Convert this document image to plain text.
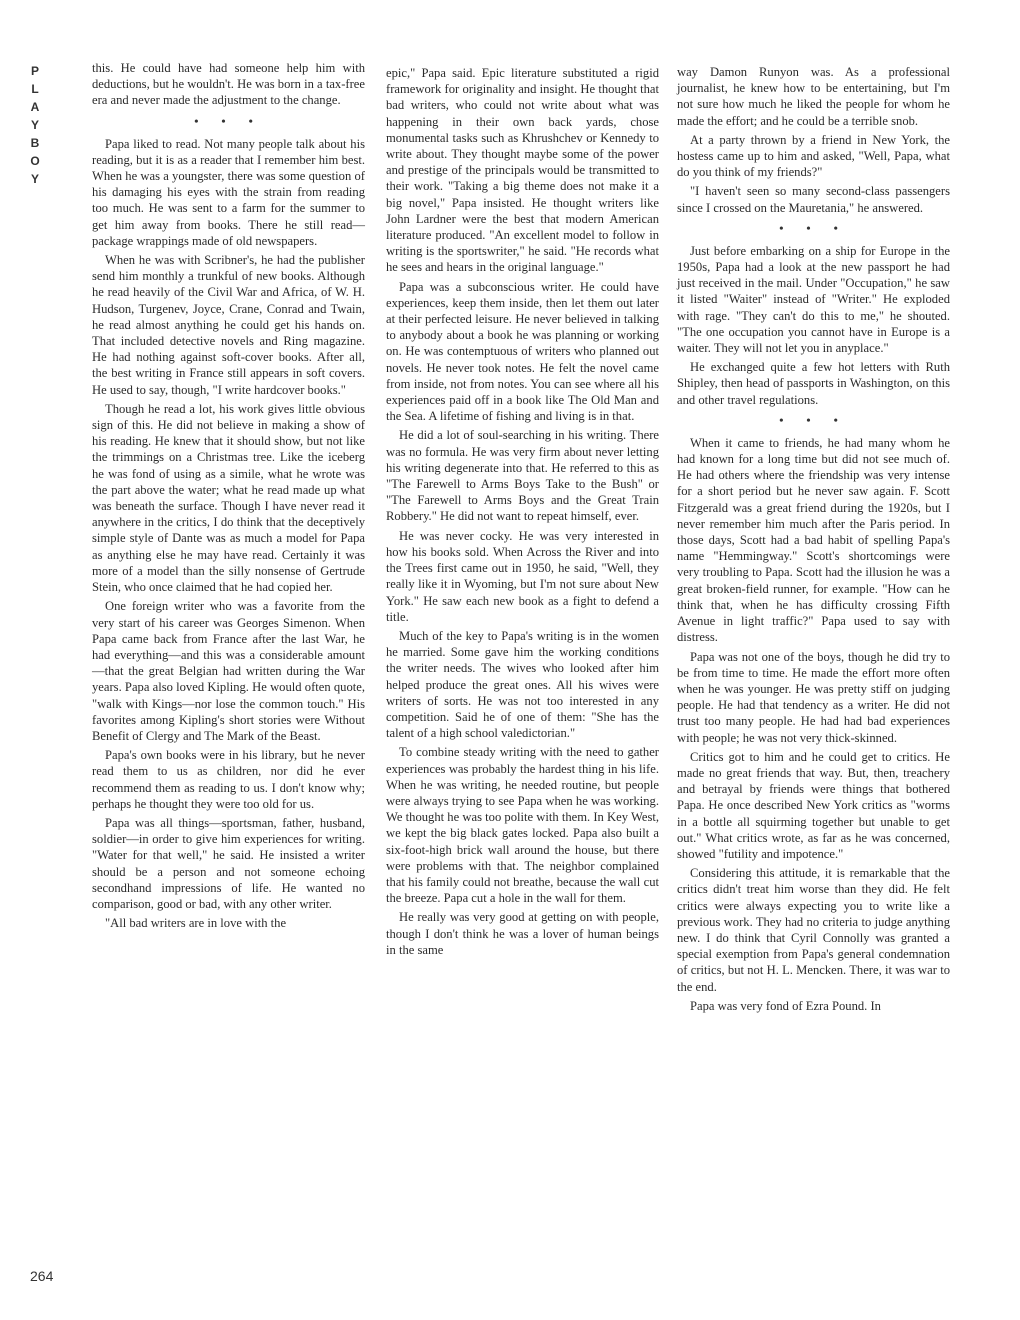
P
L
A
Y
B
O
Y

this. He could have had someone help him with deductions, but he wouldn't. He was born in a tax-free era and never made the adjustment to the change.

• • •

Papa liked to read. Not many people talk about his reading, but it is as a reader that I remember him best. When he was a youngster, there was some question of his damaging his eyes with the strain from reading too much. He was sent to a farm for the summer to get him away from books. There he still read—package wrappings made of old newspapers.

When he was with Scribner's, he had the publisher send him monthly a trunkful of new books. Although he read heavily of the Civil War and Africa, of W. H. Hudson, Turgenev, Joyce, Crane, Conrad and Twain, he read almost anything he could get his hands on. That included detective novels and Ring magazine. He had nothing against soft-cover books. After all, the best writing in France still appears in soft covers. He used to say, though, "I write hardcover books."

Though he read a lot, his work gives little obvious sign of this. He did not believe in making a show of his reading. He knew that it should show, but not like the trimmings on a Christmas tree. Like the iceberg he was fond of using as a simile, what he wrote was the part above the water; what he read made up what was beneath the surface. Though I have never read it anywhere in the critics, I do think that the deceptively simple style of Dante was as much a model for Papa as anything else he may have read. Certainly it was more of a model than the silly nonsense of Gertrude Stein, who once claimed that he had copied her.

One foreign writer who was a favorite from the very start of his career was Georges Simenon. When Papa came back from France after the last War, he had everything—and this was a considerable amount—that the great Belgian had written during the War years. Papa also loved Kipling. He would often quote, "walk with Kings—nor lose the common touch." His favorites among Kipling's short stories were Without Benefit of Clergy and The Mark of the Beast.

Papa's own books were in his library, but he never read them to us as children, nor did he ever recommend them as reading to us. I don't know why; perhaps he thought they were too old for us.

Papa was all things—sportsman, father, husband, soldier—in order to give him experiences for writing. "Water for that well," he said. He insisted a writer should be a person and not someone echoing secondhand impressions of life. He wanted no comparison, good or bad, with any other writer.

"All bad writers are in love with the

epic," Papa said. Epic literature substituted a rigid framework for originality and insight. He thought that bad writers, who could not write about what was happening in their own back yards, chose monumental tasks such as Khrushchev or Kennedy to write about. They thought maybe some of the power and prestige of the principals would be transmitted to their work. "Taking a big theme does not make it a big novel," Papa insisted. He thought writers like John Lardner were the best that modern American literature produced. "An excellent model to follow in writing is the sportswriter," he said. "He records what he sees and hears in the original language."

Papa was a subconscious writer. He could have experiences, keep them inside, then let them out later at their perfected leisure. He never believed in talking to anybody about a book he was planning or working on. He was contemptuous of writers who planned out novels. He never took notes. He felt the novel came from inside, not from notes. You can see where all his experiences paid off in a book like The Old Man and the Sea. A lifetime of fishing and living is in that.

He did a lot of soul-searching in his writing. There was no formula. He was very firm about never letting his writing degenerate into that. He referred to this as "The Farewell to Arms Boys Take to the Bush" or "The Farewell to Arms Boys and the Great Train Robbery." He did not want to repeat himself, ever.

He was never cocky. He was very interested in how his books sold. When Across the River and into the Trees first came out in 1950, he said, "Well, they really like it in Wyoming, but I'm not sure about New York." He saw each new book as a fight to defend a title.

Much of the key to Papa's writing is in the women he married. Some gave him the working conditions the writer needs. The wives who looked after him helped produce the great ones. All his wives were writers of sorts. He was not too interested in any competition. Said he of one of them: "She has the talent of a high school valedictorian."

To combine steady writing with the need to gather experiences was probably the hardest thing in his life. When he was writing, he needed routine, but people were always trying to see Papa when he was working. We thought he was too polite with them. In Key West, we kept the big black gates locked. Papa also built a six-foot-high brick wall around the house, but there were problems with that. The neighbor complained that his family could not breathe, because the wall cut the breeze. Papa cut a hole in the wall for them.

He really was very good at getting on with people, though I don't think he was a lover of human beings in the same

way Damon Runyon was. As a professional journalist, he knew how to be entertaining, but I'm not sure how much he liked the people for whom he made the effort; and he could be a terrible snob.

At a party thrown by a friend in New York, the hostess came up to him and asked, "Well, Papa, what do you think of my friends?"

"I haven't seen so many second-class passengers since I crossed on the Mauretania," he answered.

• • •

Just before embarking on a ship for Europe in the 1950s, Papa had a look at the new passport he had just received in the mail. Under "Occupation," he saw it listed "Waiter" instead of "Writer." He exploded with rage. "They can't do this to me," he shouted. "The one occupation you cannot have in Europe is a waiter. They will not let you in anyplace."

He exchanged quite a few hot letters with Ruth Shipley, then head of passports in Washington, on this and other travel regulations.

• • •

When it came to friends, he had many whom he had known for a long time but did not see much of. He had others where the friendship was very intense for a short period but he never saw again. F. Scott Fitzgerald was a great friend during the 1920s, but I never remember him much after the Paris period. In those days, Scott had a bad habit of spelling Papa's name "Hemmingway." Scott's shortcomings were very troubling to Papa. Scott had the illusion he was a great broken-field runner, for example. "How can he think that, when he has difficulty crossing Fifth Avenue in light traffic?" Papa used to say with distress.

Papa was not one of the boys, though he did try to be from time to time. He made the effort more often when he was younger. He was pretty stiff on judging people. He had that tendency as a writer. He did not trust too many people. He had had bad experiences with people; he was not very thick-skinned.

Critics got to him and he could get to critics. He made no great friends that way. But, then, treachery and betrayal by friends were things that bothered Papa. He once described New York critics as "worms in a bottle all squirming together but unable to get out." What critics wrote, as far as he was concerned, showed "futility and impotence."

Considering this attitude, it is remarkable that the critics didn't treat him worse than they did. He felt critics were always expecting you to write like a previous work. They had no criteria to judge anything new. I do think that Cyril Connolly was granted a special exemption from Papa's general condemnation of critics, but not H. L. Mencken. There, it was war to the end.

Papa was very fond of Ezra Pound. In

264
